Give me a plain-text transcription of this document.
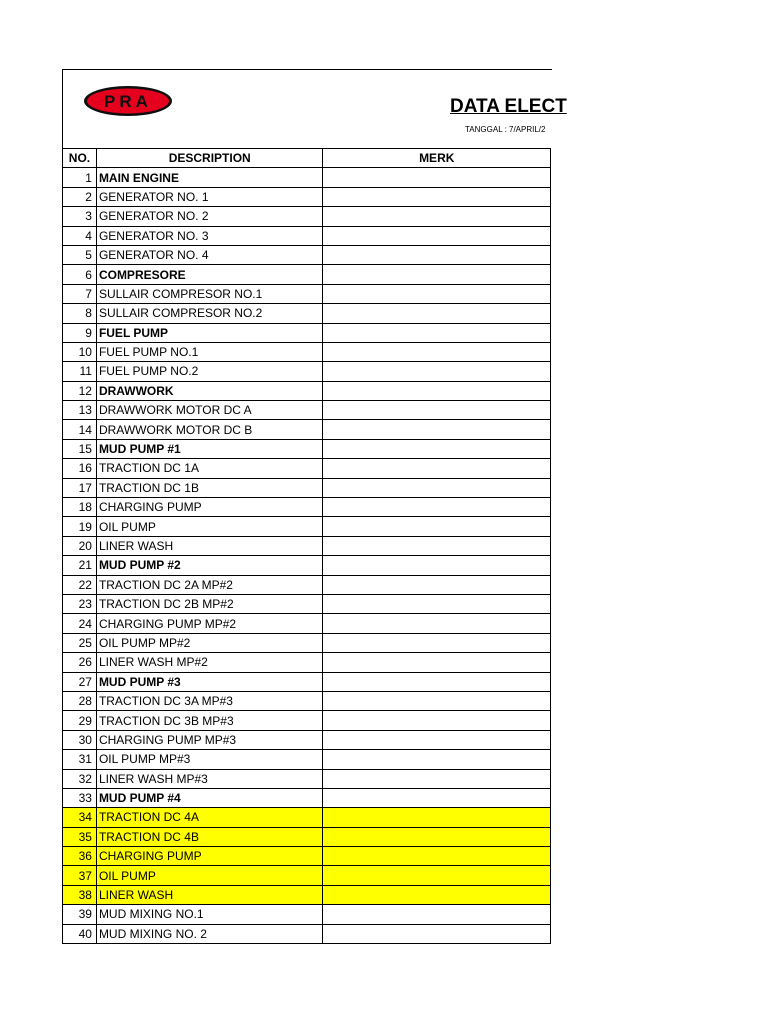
PRA	DATA ELECT
TANGGAL : 7/APRIL/2
NO.	DESCRIPTION	MERK
1	MAIN ENGINE	
2	GENERATOR NO. 1	
3	GENERATOR NO. 2	
4	GENERATOR NO. 3	
5	GENERATOR NO. 4	
6	COMPRESORE	
7	SULLAIR COMPRESOR NO.1	
8	SULLAIR COMPRESOR NO.2	
9	FUEL PUMP	
10	FUEL PUMP NO.1	
11	FUEL PUMP NO.2	
12	DRAWWORK	
13	DRAWWORK MOTOR DC A	
14	DRAWWORK MOTOR DC B	
15	MUD PUMP #1	
16	TRACTION DC 1A	
17	TRACTION DC 1B	
18	CHARGING PUMP	
19	OIL PUMP	
20	LINER WASH	
21	MUD PUMP #2	
22	TRACTION DC 2A MP#2	
23	TRACTION DC 2B MP#2	
24	CHARGING PUMP MP#2	
25	OIL PUMP MP#2	
26	LINER WASH MP#2	
27	MUD PUMP #3	
28	TRACTION DC 3A MP#3	
29	TRACTION DC 3B MP#3	
30	CHARGING PUMP MP#3	
31	OIL PUMP MP#3	
32	LINER WASH MP#3	
33	MUD PUMP #4	
34	TRACTION DC 4A	
35	TRACTION DC 4B	
36	CHARGING PUMP	
37	OIL PUMP	
38	LINER WASH	
39	MUD MIXING NO.1	
40	MUD MIXING NO. 2	
